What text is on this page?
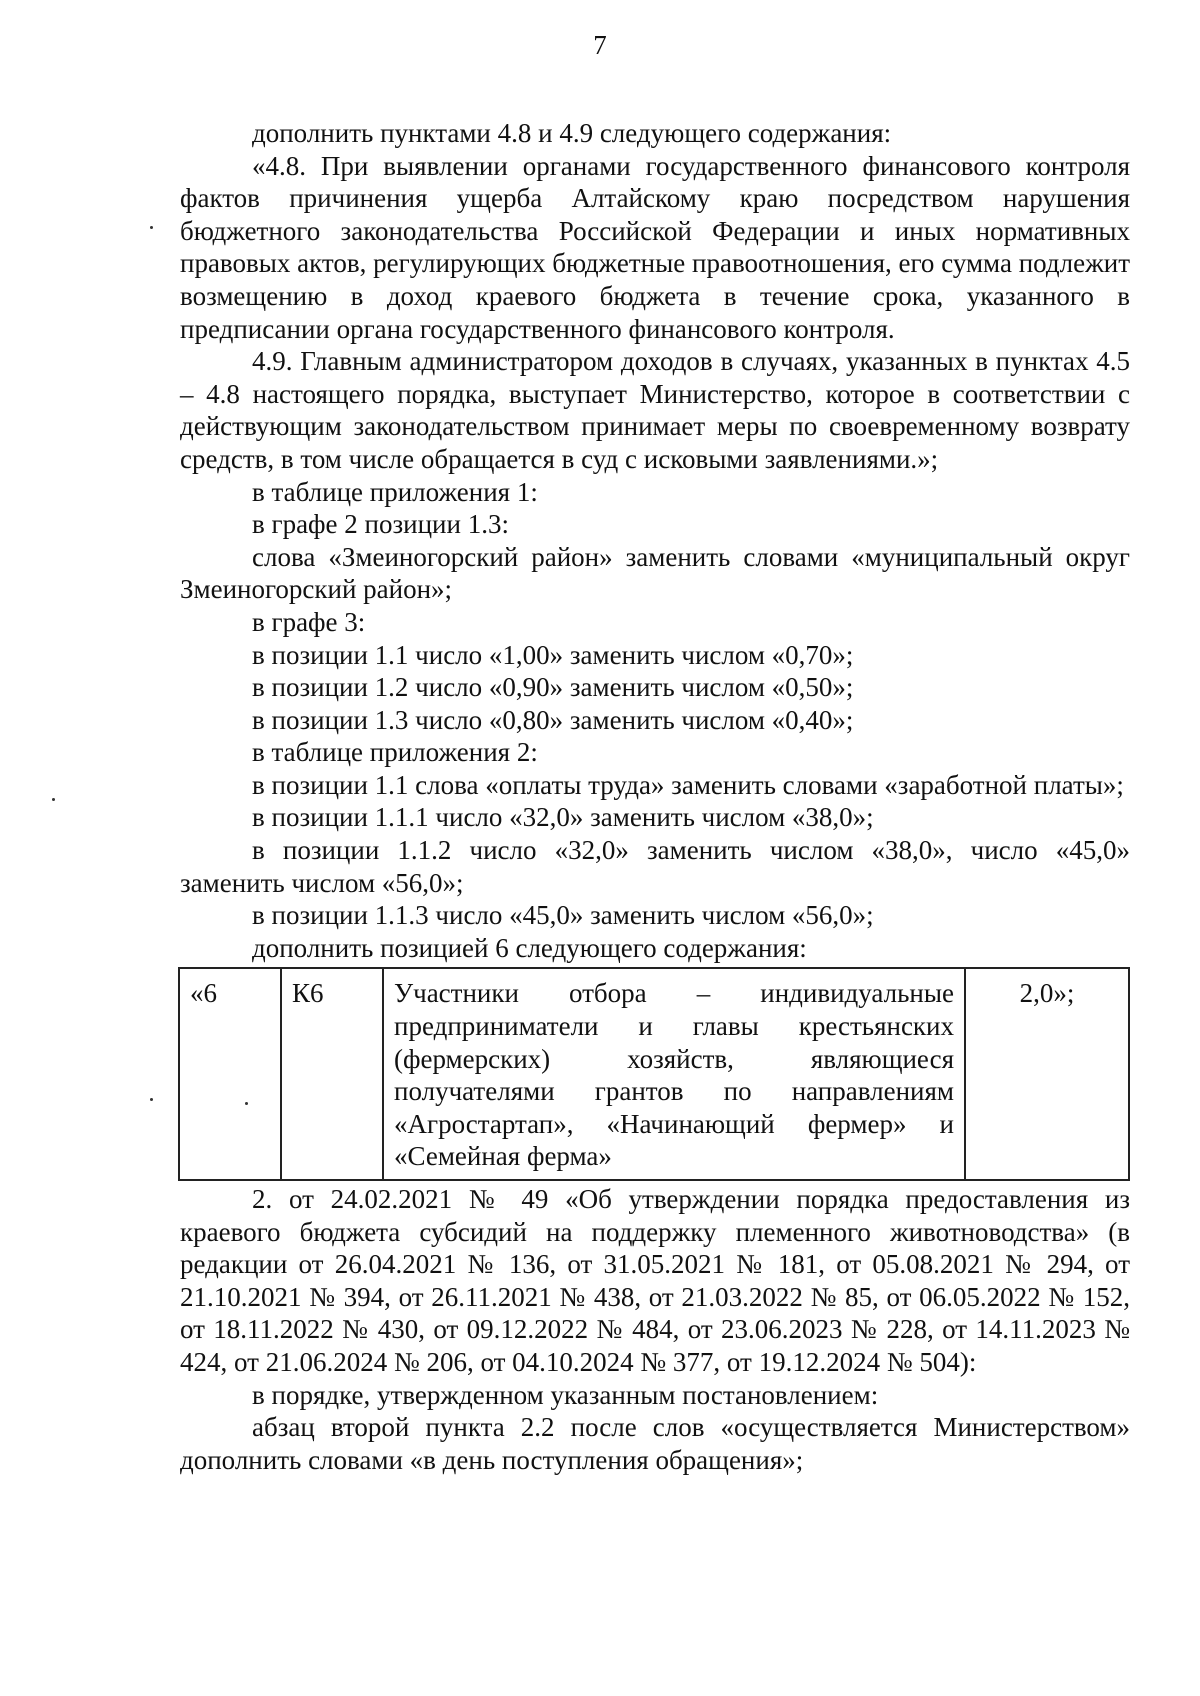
7

дополнить пунктами 4.8 и 4.9 следующего содержания:

«4.8. При выявлении органами государственного финансового контроля фактов причинения ущерба Алтайскому краю посредством нарушения бюджетного законодательства Российской Федерации и иных нормативных правовых актов, регулирующих бюджетные правоотношения, его сумма подлежит возмещению в доход краевого бюджета в течение срока, указанного в предписании органа государственного финансового контроля.

4.9. Главным администратором доходов в случаях, указанных в пунктах 4.5 – 4.8 настоящего порядка, выступает Министерство, которое в соответствии с действующим законодательством принимает меры по своевременному возврату средств, в том числе обращается в суд с исковыми заявлениями.»;

в таблице приложения 1:

в графе 2 позиции 1.3:

слова «Змеиногорский район» заменить словами «муниципальный округ Змеиногорский район»;

в графе 3:

в позиции 1.1 число «1,00» заменить числом «0,70»;

в позиции 1.2 число «0,90» заменить числом «0,50»;

в позиции 1.3 число «0,80» заменить числом «0,40»;

в таблице приложения 2:

в позиции 1.1 слова «оплаты труда» заменить словами «заработной платы»;

в позиции 1.1.1 число «32,0» заменить числом «38,0»;

в позиции 1.1.2 число «32,0» заменить числом «38,0», число «45,0» заменить числом «56,0»;

в позиции 1.1.3 число «45,0» заменить числом «56,0»;

дополнить позицией 6 следующего содержания:

«6	К6	Участники отбора – индивидуальные предприниматели и главы крестьянских (фермерских) хозяйств, являющиеся получателями грантов по направлениям «Агростартап», «Начинающий фермер» и «Семейная ферма»	2,0»;

2. от 24.02.2021 № 49 «Об утверждении порядка предоставления из краевого бюджета субсидий на поддержку племенного животноводства» (в редакции от 26.04.2021 № 136, от 31.05.2021 № 181, от 05.08.2021 № 294, от 21.10.2021 № 394, от 26.11.2021 № 438, от 21.03.2022 № 85, от 06.05.2022 № 152, от 18.11.2022 № 430, от 09.12.2022 № 484, от 23.06.2023 № 228, от 14.11.2023 № 424, от 21.06.2024 № 206, от 04.10.2024 № 377, от 19.12.2024 № 504):

в порядке, утвержденном указанным постановлением:

абзац второй пункта 2.2 после слов «осуществляется Министерством» дополнить словами «в день поступления обращения»;
